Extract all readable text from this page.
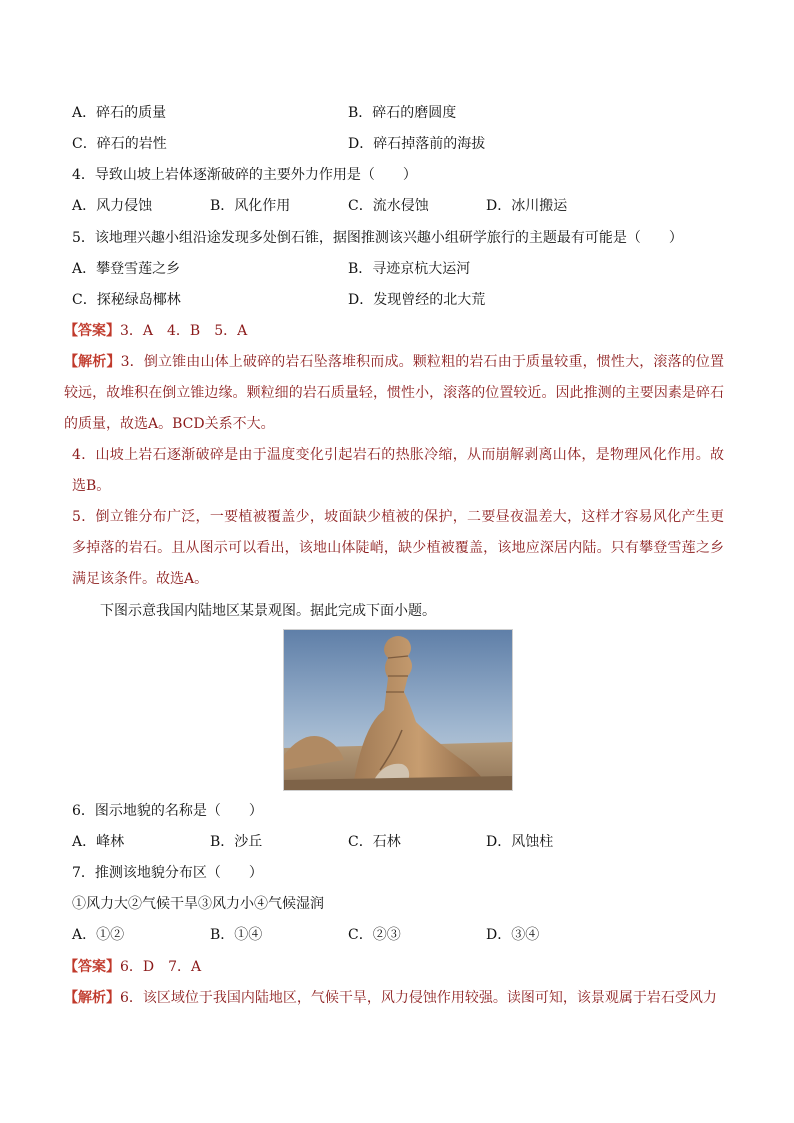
A．碎石的质量	B．碎石的磨圆度
C．碎石的岩性	D．碎石掉落前的海拔
4．导致山坡上岩体逐渐破碎的主要外力作用是（　　）
A．风力侵蚀	B．风化作用	C．流水侵蚀	D．冰川搬运
5．该地理兴趣小组沿途发现多处倒石锥，据图推测该兴趣小组研学旅行的主题最有可能是（　　）
A．攀登雪莲之乡	B．寻迹京杭大运河
C．探秘绿岛椰林	D．发现曾经的北大荒
【答案】3．A　4．B　5．A

【解析】3．倒立锥由山体上破碎的岩石坠落堆积而成。颗粒粗的岩石由于质量较重，惯性大，滚落的位置较远，故堆积在倒立锥边缘。颗粒细的岩石质量轻，惯性小，滚落的位置较近。因此推测的主要因素是碎石的质量，故选A。BCD关系不大。

4．山坡上岩石逐渐破碎是由于温度变化引起岩石的热胀冷缩，从而崩解剥离山体，是物理风化作用。故选B。

5．倒立锥分布广泛，一要植被覆盖少，坡面缺少植被的保护，二要昼夜温差大，这样才容易风化产生更多掉落的岩石。且从图示可以看出，该地山体陡峭，缺少植被覆盖，该地应深居内陆。只有攀登雪莲之乡满足该条件。故选A。

下图示意我国内陆地区某景观图。据此完成下面小题。
6．图示地貌的名称是（　　）
A．峰林	B．沙丘	C．石林	D．风蚀柱
7．推测该地貌分布区（　　）
①风力大②气候干旱③风力小④气候湿润
A．①②	B．①④	C．②③	D．③④
【答案】6．D　7．A
【解析】6．该区域位于我国内陆地区，气候干旱，风力侵蚀作用较强。读图可知，该景观属于岩石受风力
